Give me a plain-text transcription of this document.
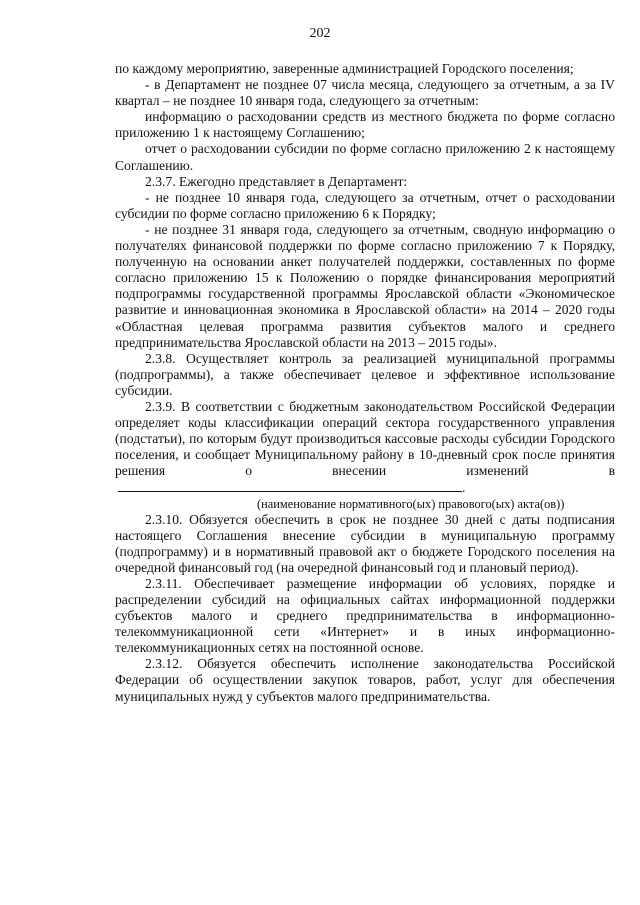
202

по каждому мероприятию, заверенные администрацией Городского поселения;

- в Департамент не позднее 07 числа месяца, следующего за отчетным, а за IV квартал – не позднее 10 января года, следующего за отчетным:

информацию о расходовании средств из местного бюджета по форме согласно приложению 1 к настоящему Соглашению;

отчет о расходовании субсидии по форме согласно приложению 2 к настоящему Соглашению.

2.3.7. Ежегодно представляет в Департамент:

- не позднее 10 января года, следующего за отчетным, отчет о расходовании субсидии по форме согласно приложению 6 к Порядку;

- не позднее 31 января года, следующего за отчетным, сводную информацию о получателях финансовой поддержки по форме согласно приложению 7 к Порядку, полученную на основании анкет получателей поддержки, составленных по форме согласно приложению 15 к Положению о порядке финансирования мероприятий подпрограммы государственной программы Ярославской области «Экономическое развитие и инновационная экономика в Ярославской области» на 2014 – 2020 годы «Областная целевая программа развития субъектов малого и среднего предпринимательства Ярославской области на 2013 – 2015 годы».

2.3.8. Осуществляет контроль за реализацией муниципальной программы (подпрограммы), а также обеспечивает целевое и эффективное использование субсидии.

2.3.9. В соответствии с бюджетным законодательством Российской Федерации определяет коды классификации операций сектора государственного управления (подстатьи), по которым будут производиться кассовые расходы субсидии Городского поселения, и сообщает Муниципальному району в 10-дневный срок после принятия решения о внесении изменений в.

(наименование нормативного(ых) правового(ых) акта(ов))

2.3.10. Обязуется обеспечить в срок не позднее 30 дней с даты подписания настоящего Соглашения внесение субсидии в муниципальную программу (подпрограмму) и в нормативный правовой акт о бюджете Городского поселения на очередной финансовый год (на очередной финансовый год и плановый период).

2.3.11. Обеспечивает размещение информации об условиях, порядке и распределении субсидий на официальных сайтах информационной поддержки субъектов малого и среднего предпринимательства в информационно-телекоммуникационной сети «Интернет» и в иных информационно-телекоммуникационных сетях на постоянной основе.

2.3.12. Обязуется обеспечить исполнение законодательства Российской Федерации об осуществлении закупок товаров, работ, услуг для обеспечения муниципальных нужд у субъектов малого предпринимательства.
